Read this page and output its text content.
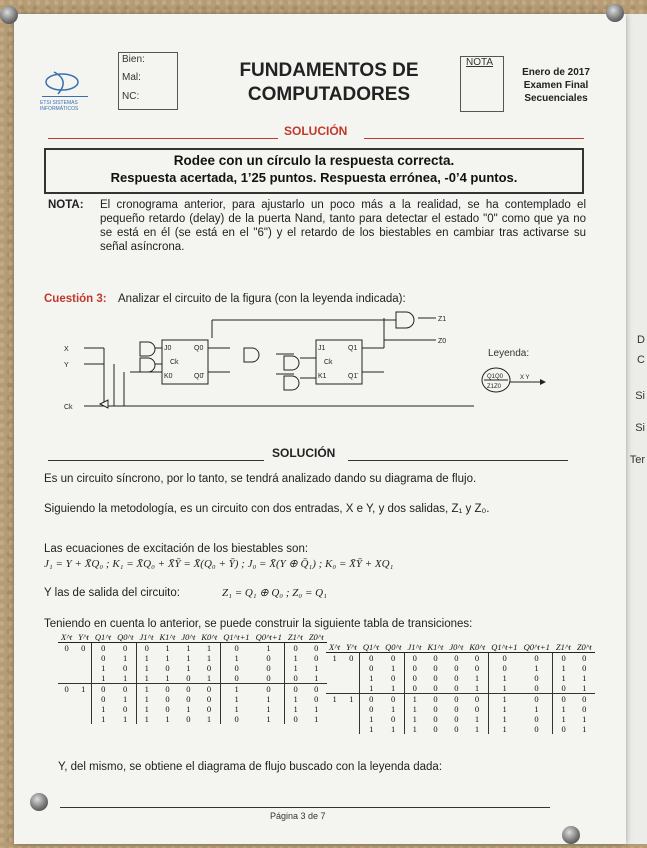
D
C
Si
Si
Ter
ETSI SISTEMAS INFORMÁTICOS
Bien:
Mal:
NC:
FUNDAMENTOS DE
COMPUTADORES
NOTA
Enero de 2017
Examen Final
Secuenciales
SOLUCIÓN
Rodee con un círculo la respuesta correcta.
Respuesta acertada, 1’25 puntos. Respuesta errónea, -0’4 puntos.
NOTA: El cronograma anterior, para ajustarlo un poco más a la realidad, se ha contemplado el pequeño retardo (delay) de la puerta Nand, tanto para detectar el estado "0" como que ya no se está en él (se está en el "6") y el retardo de los biestables en cambiar tras activarse su señal asíncrona.
Cuestión 3: Analizar el circuito de la figura (con la leyenda indicada):
J0
Ck
K0
Q0
Q0̄
J1
Ck
K1
Q1
Q1̄
X
Y
Ck
Z1
Z0
Leyenda:
Q1Q0
Z1Z0
X Y
SOLUCIÓN
Es un circuito síncrono, por lo tanto, se tendrá analizado dando su diagrama de flujo.
Siguiendo la metodología, es un circuito con dos entradas, X e Y, y dos salidas, Z₁ y Z₀.
Las ecuaciones de excitación de los biestables son:
J₁ = Y + X̄Q₀ ; K₁ = X̄Q₀ + X̄Ȳ = X̄(Q₀ + Ȳ) ; J₀ = X̄(Y ⊕ Q̄₁) ; K₀ = X̄Ȳ + XQ₁
Y las de salida del circuito:	Z₁ = Q₁ ⊕ Q₀ ; Z₀ = Q₁
Teniendo en cuenta lo anterior, se puede construir la siguiente tabla de transiciones:
X^t	Y^t	Q1^t	Q0^t	J1^t	K1^t	J0^t	K0^t	Q1^t+1	Q0^t+1	Z1^t	Z0^t
0	0	0	0	0	1	1	1	0	1	0	0
		0	1	1	1	1	1	1	0	1	0
		1	0	1	0	1	0	0	0	1	1
		1	1	1	1	0	1	0	0	0	1
0	1	0	0	1	0	0	0	1	0	0	0
		0	1	1	0	0	0	1	1	1	0
		1	0	1	0	1	0	1	1	1	1
		1	1	1	1	0	1	0	1	0	1
X^t	Y^t	Q1^t	Q0^t	J1^t	K1^t	J0^t	K0^t	Q1^t+1	Q0^t+1	Z1^t	Z0^t
1	0	0	0	0	0	0	0	0	0	0	0
		0	1	0	0	0	0	0	1	1	0
		1	0	0	0	0	1	1	0	1	1
		1	1	0	0	0	1	1	0	0	1
1	1	0	0	1	0	0	0	1	0	0	0
		0	1	1	0	0	0	1	1	1	0
		1	0	1	0	0	1	1	0	1	1
		1	1	1	0	0	1	1	0	0	1
Y, del mismo, se obtiene el diagrama de flujo buscado con la leyenda dada:
Página 3 de 7
